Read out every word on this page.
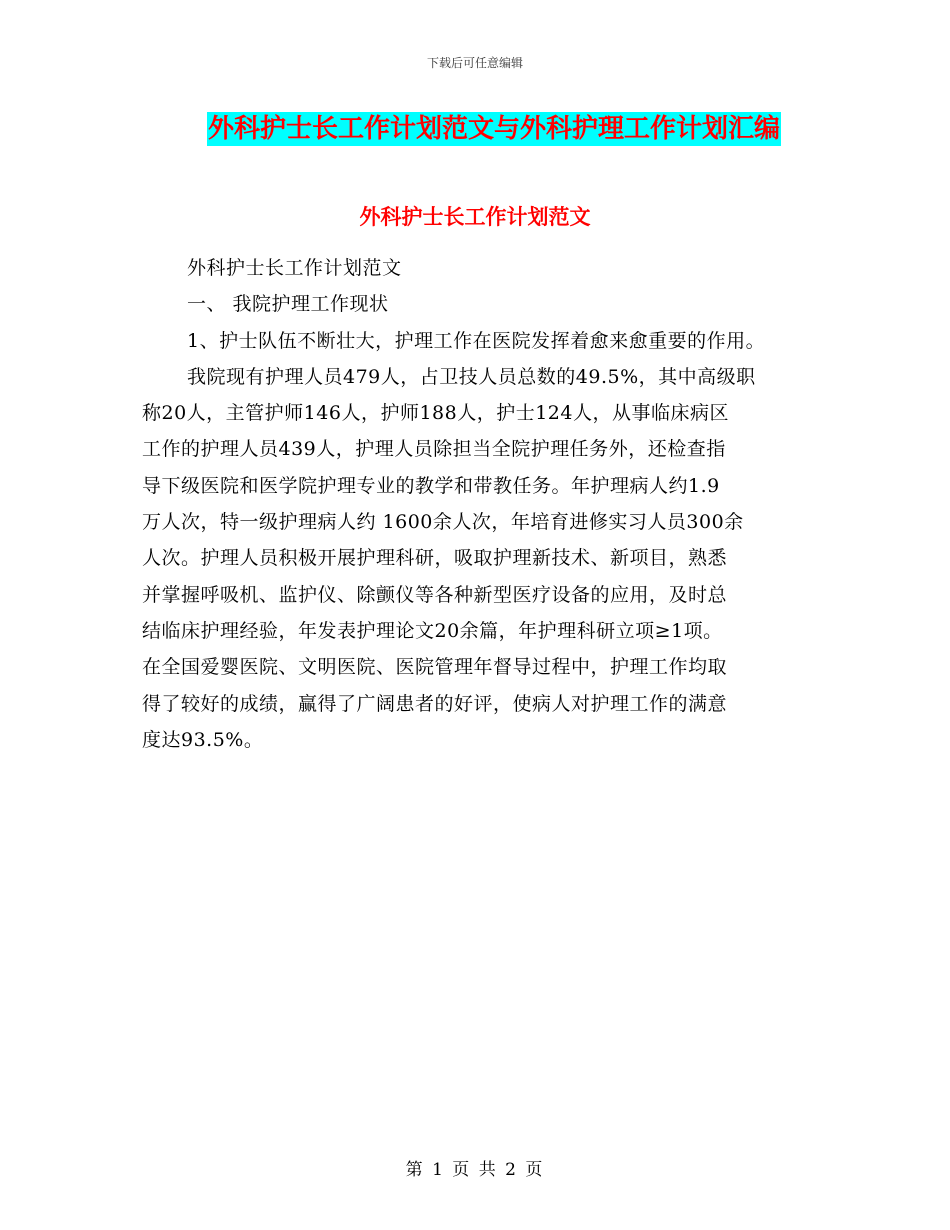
下载后可任意编辑
外科护士长工作计划范文与外科护理工作计划汇编
外科护士长工作计划范文
外科护士长工作计划范文
一、 我院护理工作现状
1、护士队伍不断壮大，护理工作在医院发挥着愈来愈重要的作用。
我院现有护理人员479人，占卫技人员总数的49.5%，其中高级职
称20人，主管护师146人，护师188人，护士124人，从事临床病区
工作的护理人员439人，护理人员除担当全院护理任务外，还检查指
导下级医院和医学院护理专业的教学和带教任务。年护理病人约1.9
万人次，特一级护理病人约 1600余人次，年培育进修实习人员300余
人次。护理人员积极开展护理科研，吸取护理新技术、新项目，熟悉
并掌握呼吸机、监护仪、除颤仪等各种新型医疗设备的应用，及时总
结临床护理经验，年发表护理论文20余篇，年护理科研立项≥1项。
在全国爱婴医院、文明医院、医院管理年督导过程中，护理工作均取
得了较好的成绩，赢得了广阔患者的好评，使病人对护理工作的满意
度达93.5%。
第 1 页 共 2 页
